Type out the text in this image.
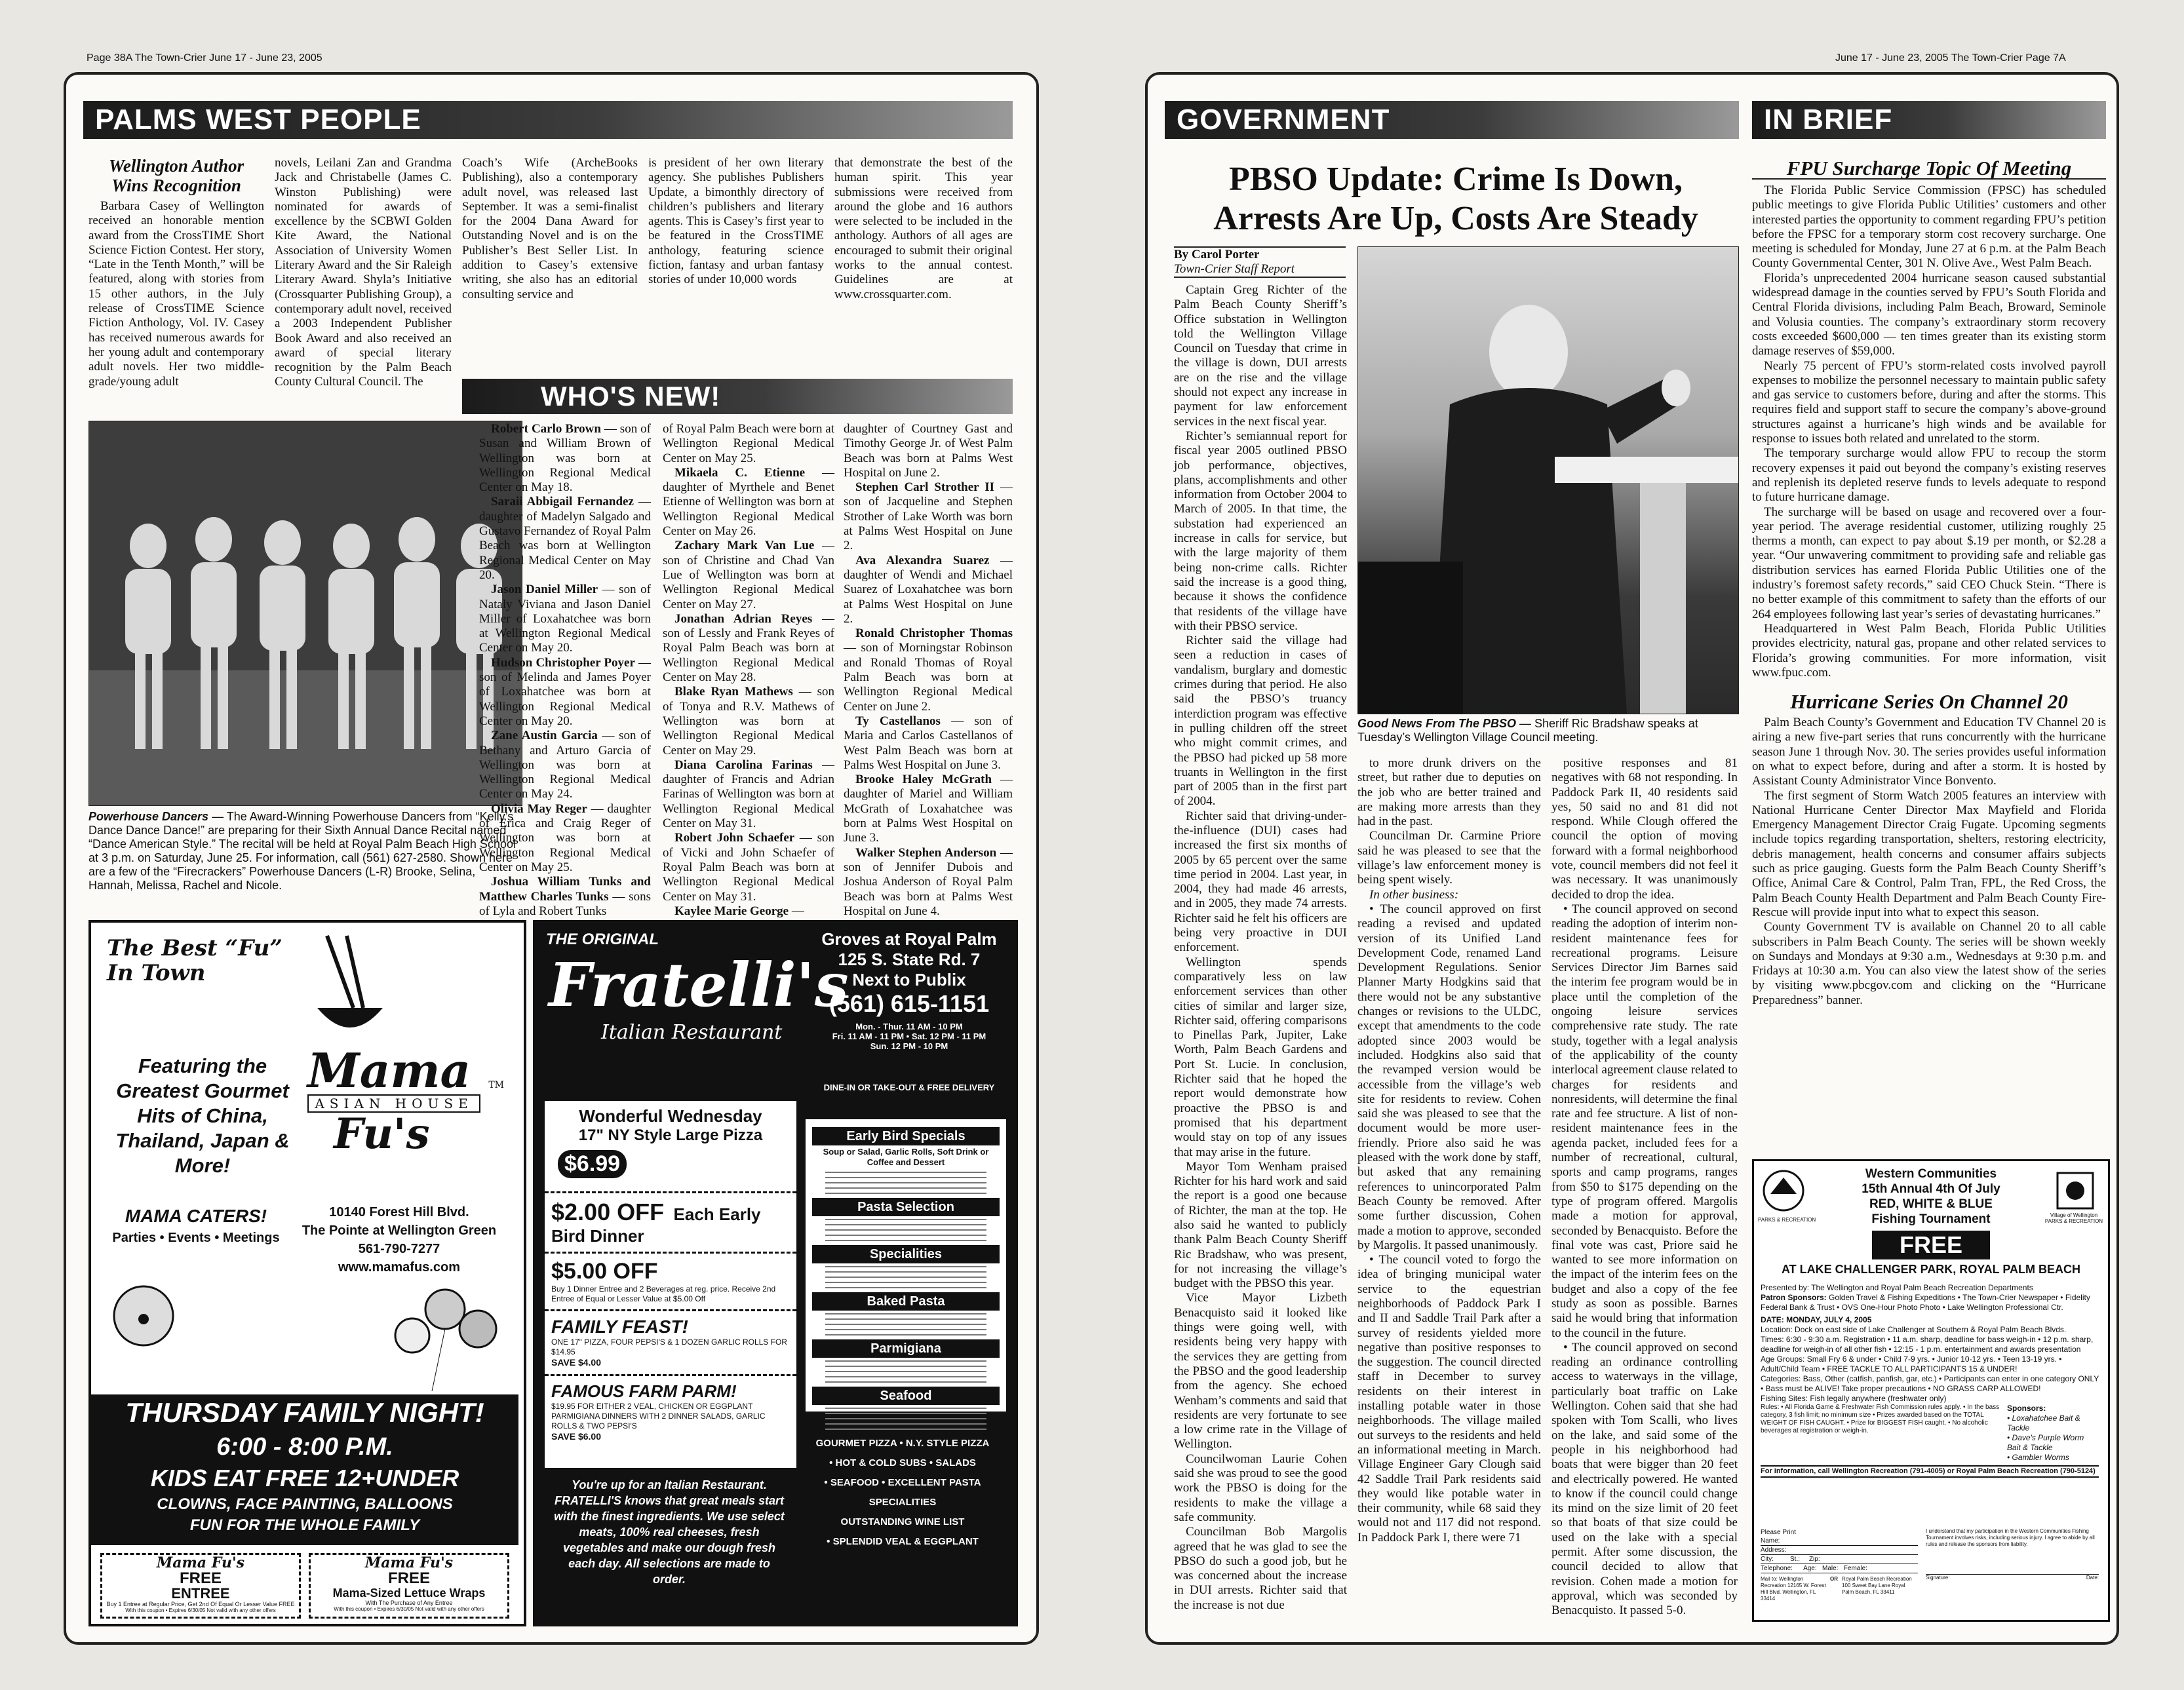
Page 38A The Town-Crier June 17 - June 23, 2005	June 17 - June 23, 2005 The Town-Crier Page 7A
PALMS WEST PEOPLE
Wellington Author Wins Recognition

Barbara Casey of Wellington received an honorable mention award from the CrossTIME Short Science Fiction Contest. Her story, “Late in the Tenth Month,” will be featured, along with stories from 15 other authors, in the July release of CrossTIME Science Fiction Anthology, Vol. IV. Casey has received numerous awards for her young adult and contemporary adult novels. Her two middle-grade/young adult

novels, Leilani Zan and Grandma Jack and Christabelle (James C. Winston Publishing) were nominated for awards of excellence by the SCBWI Golden Kite Award, the National Association of University Women Literary Award and the Sir Raleigh Literary Award. Shyla’s Initiative (Crossquarter Publishing Group), a contemporary adult novel, received a 2003 Independent Publisher Book Award and also received an award of special literary recognition by the Palm Beach County Cultural Council. The

Coach’s Wife (ArcheBooks Publishing), also a contemporary adult novel, was released last September. It was a semi-finalist for the 2004 Dana Award for Outstanding Novel and is on the Publisher’s Best Seller List. In addition to Casey’s extensive writing, she also has an editorial consulting service and

is president of her own literary agency. She publishes Publishers Update, a bimonthly directory of children’s publishers and literary agents. This is Casey’s first year to be featured in the CrossTIME anthology, featuring science fiction, fantasy and urban fantasy stories of under 10,000 words

that demonstrate the best of the human spirit. This year submissions were received from around the globe and 16 authors were selected to be included in the anthology. Authors of all ages are encouraged to submit their original works to the annual contest. Guidelines are at www.crossquarter.com.

Powerhouse Dancers — The Award-Winning Powerhouse Dancers from “Kelly’s Dance Dance Dance!” are preparing for their Sixth Annual Dance Recital named “Dance American Style.” The recital will be held at Royal Palm Beach High School at 3 p.m. on Saturday, June 25. For information, call (561) 627-2580. Shown here are a few of the “Firecrackers” Powerhouse Dancers (L-R) Brooke, Selina, Hannah, Melissa, Rachel and Nicole.
WHO'S NEW!

Robert Carlo Brown — son of Susan and William Brown of Wellington was born at Wellington Regional Medical Center on May 18.

Saraii Abbigail Fernandez — daughter of Madelyn Salgado and Gustavo Fernandez of Royal Palm Beach was born at Wellington Regional Medical Center on May 20.

Jason Daniel Miller — son of Nataly Viviana and Jason Daniel Miller of Loxahatchee was born at Wellington Regional Medical Center on May 20.

Hudson Christopher Poyer — son of Melinda and James Poyer of Loxahatchee was born at Wellington Regional Medical Center on May 20.

Zane Austin Garcia — son of Bethany and Arturo Garcia of Wellington was born at Wellington Regional Medical Center on May 24.

Olivia May Reger — daughter of Erica and Craig Reger of Wellington was born at Wellington Regional Medical Center on May 25.

Joshua William Tunks and Matthew Charles Tunks — sons of Lyla and Robert Tunks

of Royal Palm Beach were born at Wellington Regional Medical Center on May 25.

Mikaela C. Etienne — daughter of Myrthele and Benet Etienne of Wellington was born at Wellington Regional Medical Center on May 26.

Zachary Mark Van Lue — son of Christine and Chad Van Lue of Wellington was born at Wellington Regional Medical Center on May 27.

Jonathan Adrian Reyes — son of Lessly and Frank Reyes of Royal Palm Beach was born at Wellington Regional Medical Center on May 28.

Blake Ryan Mathews — son of Tonya and R.V. Mathews of Wellington was born at Wellington Regional Medical Center on May 29.

Diana Carolina Farinas — daughter of Francis and Adrian Farinas of Wellington was born at Wellington Regional Medical Center on May 31.

Robert John Schaefer — son of Vicki and John Schaefer of Royal Palm Beach was born at Wellington Regional Medical Center on May 31.

Kaylee Marie George —

daughter of Courtney Gast and Timothy George Jr. of West Palm Beach was born at Palms West Hospital on June 2.

Stephen Carl Strother II — son of Jacqueline and Stephen Strother of Lake Worth was born at Palms West Hospital on June 2.

Ava Alexandra Suarez — daughter of Wendi and Michael Suarez of Loxahatchee was born at Palms West Hospital on June 2.

Ronald Christopher Thomas — son of Morningstar Robinson and Ronald Thomas of Royal Palm Beach was born at Wellington Regional Medical Center on June 2.

Ty Castellanos — son of Maria and Carlos Castellanos of West Palm Beach was born at Palms West Hospital on June 3.

Brooke Haley McGrath — daughter of Mariel and William McGrath of Loxahatchee was born at Palms West Hospital on June 3.

Walker Stephen Anderson — son of Jennifer Dubois and Joshua Anderson of Royal Palm Beach was born at Palms West Hospital on June 4.

The Best “Fu” In Town
Featuring the Greatest Gourmet Hits of China, Thailand, Japan & More!
Mama
ASIAN HOUSE
Fu's
TM
MAMA CATERS!
Parties • Events • Meetings
10140 Forest Hill Blvd.
The Pointe at Wellington Green
561-790-7277
www.mamafus.com
THURSDAY FAMILY NIGHT!
6:00 - 8:00 P.M.
KIDS EAT FREE 12+UNDER
CLOWNS, FACE PAINTING, BALLOONS
FUN FOR THE WHOLE FAMILY
Mama Fu's
FREE
ENTREE
Buy 1 Entree at Regular Price, Get 2nd Of Equal Or Lesser Value FREE
With this coupon • Expires 6/30/05 Not valid with any other offers
Mama Fu's
FREE
Mama-Sized Lettuce Wraps
With The Purchase of Any Entree
With this coupon • Expires 6/30/05 Not valid with any other offers
THE ORIGINAL
Fratelli's
Italian Restaurant
Groves at Royal Palm
125 S. State Rd. 7
Next to Publix
(561) 615-1151
Mon. - Thur. 11 AM - 10 PM
Fri. 11 AM - 11 PM • Sat. 12 PM - 11 PM
Sun. 12 PM - 10 PM
DINE-IN OR TAKE-OUT & FREE DELIVERY
Wonderful Wednesday
17" NY Style Large Pizza
$6.99
$2.00 OFF Each Early Bird Dinner
$5.00 OFF
Buy 1 Dinner Entree and 2 Beverages at reg. price. Receive 2nd Entree of Equal or Lesser Value at $5.00 Off
FAMILY FEAST!
ONE 17" PIZZA, FOUR PEPSI'S & 1 DOZEN GARLIC ROLLS FOR $14.95
SAVE $4.00
FAMOUS FARM PARM!
$19.95 FOR EITHER 2 VEAL, CHICKEN OR EGGPLANT PARMIGIANA DINNERS WITH 2 DINNER SALADS, GARLIC ROLLS & TWO PEPSI'S
SAVE $6.00
Early Bird Specials
Soup or Salad, Garlic Rolls, Soft Drink or Coffee and Dessert
Pasta Selection
Specialities
Baked Pasta
Parmigiana
Seafood
You're up for an Italian Restaurant. FRATELLI'S knows that great meals start with the finest ingredients. We use select meats, 100% real cheeses, fresh vegetables and make our dough fresh each day. All selections are made to order.
GOURMET PIZZA • N.Y. STYLE PIZZA
• HOT & COLD SUBS • SALADS
• SEAFOOD • EXCELLENT PASTA SPECIALITIES
OUTSTANDING WINE LIST
• SPLENDID VEAL & EGGPLANT
GOVERNMENT	IN BRIEF
PBSO Update: Crime Is Down, Arrests Are Up, Costs Are Steady
By Carol Porter
Town-Crier Staff Report
Good News From The PBSO — Sheriff Ric Bradshaw speaks at Tuesday’s Wellington Village Council meeting.

Captain Greg Richter of the Palm Beach County Sheriff’s Office substation in Wellington told the Wellington Village Council on Tuesday that crime in the village is down, DUI arrests are on the rise and the village should not expect any increase in payment for law enforcement services in the next fiscal year.

Richter’s semiannual report for fiscal year 2005 outlined PBSO job performance, objectives, plans, accomplishments and other information from October 2004 to March of 2005. In that time, the substation had experienced an increase in calls for service, but with the large majority of them being non-crime calls. Richter said the increase is a good thing, because it shows the confidence that residents of the village have with their PBSO service.

Richter said the village had seen a reduction in cases of vandalism, burglary and domestic crimes during that period. He also said the PBSO’s truancy interdiction program was effective in pulling children off the street who might commit crimes, and the PBSO had picked up 58 more truants in Wellington in the first part of 2005 than in the first part of 2004.

Richter said that driving-under-the-influence (DUI) cases had increased the first six months of 2005 by 65 percent over the same time period in 2004. Last year, in 2004, they had made 46 arrests, and in 2005, they made 74 arrests. Richter said he felt his officers are being very proactive in DUI enforcement.

Wellington spends comparatively less on law enforcement services than other cities of similar and larger size, Richter said, offering comparisons to Pinellas Park, Jupiter, Lake Worth, Palm Beach Gardens and Port St. Lucie. In conclusion, Richter said that he hoped the report would demonstrate how proactive the PBSO is and promised that his department would stay on top of any issues that may arise in the future.

Mayor Tom Wenham praised Richter for his hard work and said the report is a good one because of Richter, the man at the top. He also said he wanted to publicly thank Palm Beach County Sheriff Ric Bradshaw, who was present, for not increasing the village’s budget with the PBSO this year.

Vice Mayor Lizbeth Benacquisto said it looked like things were going well, with residents being very happy with the services they are getting from the PBSO and the good leadership from the agency. She echoed Wenham’s comments and said that residents are very fortunate to see a low crime rate in the Village of Wellington.

Councilwoman Laurie Cohen said she was proud to see the good work the PBSO is doing for the residents to make the village a safe community.

Councilman Bob Margolis agreed that he was glad to see the PBSO do such a good job, but he was concerned about the increase in DUI arrests. Richter said that the increase is not due

to more drunk drivers on the street, but rather due to deputies on the job who are better trained and are making more arrests than they had in the past.

Councilman Dr. Carmine Priore said he was pleased to see that the village’s law enforcement money is being spent wisely.

In other business:

• The council approved on first reading a revised and updated version of its Unified Land Development Code, renamed Land Development Regulations. Senior Planner Marty Hodgkins said that there would not be any substantive changes or revisions to the ULDC, except that amendments to the code adopted since 2003 would be included. Hodgkins also said that the revamped version would be accessible from the village’s web site for residents to review. Cohen said she was pleased to see that the document would be more user-friendly. Priore also said he was pleased with the work done by staff, but asked that any remaining references to unincorporated Palm Beach County be removed. After some further discussion, Cohen made a motion to approve, seconded by Margolis. It passed unanimously.

• The council voted to forgo the idea of bringing municipal water service to the equestrian neighborhoods of Paddock Park I and II and Saddle Trail Park after a survey of residents yielded more negative than positive responses to the suggestion. The council directed staff in December to survey residents on their interest in installing potable water in those neighborhoods. The village mailed out surveys to the residents and held an informational meeting in March. Village Engineer Gary Clough said 42 Saddle Trail Park residents said they would like potable water in their community, while 68 said they would not and 117 did not respond. In Paddock Park I, there were 71

positive responses and 81 negatives with 68 not responding. In Paddock Park II, 40 residents said yes, 50 said no and 81 did not respond. While Clough offered the council the option of moving forward with a formal neighborhood vote, council members did not feel it was necessary. It was unanimously decided to drop the idea.

• The council approved on second reading the adoption of interim non-resident maintenance fees for recreational programs. Leisure Services Director Jim Barnes said the interim fee program would be in place until the completion of the ongoing leisure services comprehensive rate study. The rate study, together with a legal analysis of the applicability of the county interlocal agreement clause related to charges for residents and nonresidents, will determine the final rate and fee structure. A list of non-resident maintenance fees in the agenda packet, included fees for a number of recreational, cultural, sports and camp programs, ranges from $50 to $175 depending on the type of program offered. Margolis made a motion for approval, seconded by Benacquisto. Before the final vote was cast, Priore said he wanted to see more information on the impact of the interim fees on the budget and also a copy of the fee study as soon as possible. Barnes said he would bring that information to the council in the future.

• The council approved on second reading an ordinance controlling access to waterways in the village, particularly boat traffic on Lake Wellington. Cohen said that she had spoken with Tom Scalli, who lives on the lake, and said some of the people in his neighborhood had boats that were bigger than 20 feet and electrically powered. He wanted to know if the council could change its mind on the size limit of 20 feet so that boats of that size could be used on the lake with a special permit. After some discussion, the council decided to allow that revision. Cohen made a motion for approval, which was seconded by Benacquisto. It passed 5-0.

FPU Surcharge Topic Of Meeting

The Florida Public Service Commission (FPSC) has scheduled public meetings to give Florida Public Utilities’ customers and other interested parties the opportunity to comment regarding FPU’s petition before the FPSC for a temporary storm cost recovery surcharge. One meeting is scheduled for Monday, June 27 at 6 p.m. at the Palm Beach County Governmental Center, 301 N. Olive Ave., West Palm Beach.

Florida’s unprecedented 2004 hurricane season caused substantial widespread damage in the counties served by FPU’s South Florida and Central Florida divisions, including Palm Beach, Broward, Seminole and Volusia counties. The company’s extraordinary storm recovery costs exceeded $600,000 — ten times greater than its existing storm damage reserves of $59,000.

Nearly 75 percent of FPU’s storm-related costs involved payroll expenses to mobilize the personnel necessary to maintain public safety and gas service to customers before, during and after the storms. This requires field and support staff to secure the company’s above-ground structures against a hurricane’s high winds and be available for response to issues both related and unrelated to the storm.

The temporary surcharge would allow FPU to recoup the storm recovery expenses it paid out beyond the company’s existing reserves and replenish its depleted reserve funds to levels adequate to respond to future hurricane damage.

The surcharge will be based on usage and recovered over a four-year period. The average residential customer, utilizing roughly 25 therms a month, can expect to pay about $.19 per month, or $2.28 a year. “Our unwavering commitment to providing safe and reliable gas distribution services has earned Florida Public Utilities one of the industry’s foremost safety records,” said CEO Chuck Stein. “There is no better example of this commitment to safety than the efforts of our 264 employees following last year’s series of devastating hurricanes.”

Headquartered in West Palm Beach, Florida Public Utilities provides electricity, natural gas, propane and other related services to Florida’s growing communities. For more information, visit www.fpuc.com.

Hurricane Series On Channel 20

Palm Beach County’s Government and Education TV Channel 20 is airing a new five-part series that runs concurrently with the hurricane season June 1 through Nov. 30. The series provides useful information on what to expect before, during and after a storm. It is hosted by Assistant County Administrator Vince Bonvento.

The first segment of Storm Watch 2005 features an interview with National Hurricane Center Director Max Mayfield and Florida Emergency Management Director Craig Fugate. Upcoming segments include topics regarding transportation, shelters, restoring electricity, debris management, health concerns and consumer affairs subjects such as price gauging. Guests form the Palm Beach County Sheriff’s Office, Animal Care & Control, Palm Tran, FPL, the Red Cross, the Palm Beach County Health Department and Palm Beach County Fire-Rescue will provide input into what to expect this season.

County Government TV is available on Channel 20 to all cable subscribers in Palm Beach County. The series will be shown weekly on Sundays and Mondays at 9:30 a.m., Wednesdays at 9:30 p.m. and Fridays at 10:30 a.m. You can also view the latest show of the series by visiting www.pbcgov.com and clicking on the “Hurricane Preparedness” banner.

PARKS & RECREATION
Village of Wellington PARKS & RECREATION
Western Communities
15th Annual 4th Of July
RED, WHITE & BLUE
Fishing Tournament
FREE
AT LAKE CHALLENGER PARK, ROYAL PALM BEACH
Presented by: The Wellington and Royal Palm Beach Recreation Departments
Patron Sponsors: Golden Travel & Fishing Expeditions • The Town-Crier Newspaper • Fidelity Federal Bank & Trust • OVS One-Hour Photo Photo • Lake Wellington Professional Ctr.
DATE: MONDAY, JULY 4, 2005
Location: Dock on east side of Lake Challenger at Southern & Royal Palm Beach Blvds.
Times: 6:30 - 9:30 a.m. Registration • 11 a.m. sharp, deadline for bass weigh-in • 12 p.m. sharp, deadline for weigh-in of all other fish • 12:15 - 1 p.m. entertainment and awards presentation
Age Groups: Small Fry 6 & under • Child 7-9 yrs. • Junior 10-12 yrs. • Teen 13-19 yrs. • Adult/Child Team • FREE TACKLE TO ALL PARTICIPANTS 15 & UNDER!
Categories: Bass, Other (catfish, panfish, gar, etc.) • Participants can enter in one category ONLY • Bass must be ALIVE! Take proper precautions • NO GRASS CARP ALLOWED!
Fishing Sites: Fish legally anywhere (freshwater only)
Rules: • All Florida Game & Freshwater Fish Commission rules apply. • In the bass category, 3 fish limit; no minimum size • Prizes awarded based on the TOTAL WEIGHT OF FISH CAUGHT. • Prize for BIGGEST FISH caught. • No alcoholic beverages at registration or weigh-in.
Sponsors:
• Loxahatchee Bait & Tackle
• Dave's Purple Worm
Bait & Tackle
• Gambler Worms
For information, call Wellington Recreation (791-4005) or Royal Palm Beach Recreation (790-5124)
Please Print
Name:
Address:
City:	St.: Zip:
Telephone: Age: Male: Female:
Mail to: Wellington Recreation 12165 W. Forest Hill Blvd. Wellington, FL 33414
OR Royal Palm Beach Recreation 100 Sweet Bay Lane Royal Palm Beach, FL 33411
I understand that my participation in the Western Communities Fishing Tournament involves risks, including serious injury. I agree to abide by all rules and release the sponsors from liability.
Signature:	Date:
